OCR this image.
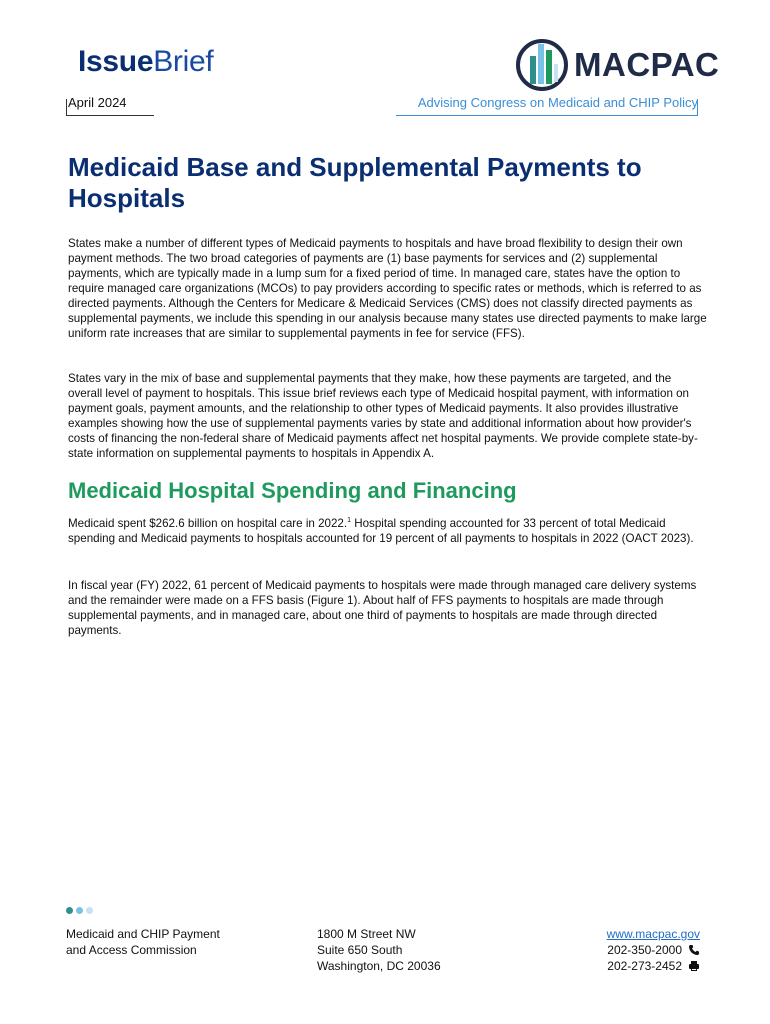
IssueBrief	MACPAC
April 2024	Advising Congress on Medicaid and CHIP Policy
Medicaid Base and Supplemental Payments to Hospitals

States make a number of different types of Medicaid payments to hospitals and have broad flexibility to design their own payment methods. The two broad categories of payments are (1) base payments for services and (2) supplemental payments, which are typically made in a lump sum for a fixed period of time. In managed care, states have the option to require managed care organizations (MCOs) to pay providers according to specific rates or methods, which is referred to as directed payments. Although the Centers for Medicare & Medicaid Services (CMS) does not classify directed payments as supplemental payments, we include this spending in our analysis because many states use directed payments to make large uniform rate increases that are similar to supplemental payments in fee for service (FFS).

States vary in the mix of base and supplemental payments that they make, how these payments are targeted, and the overall level of payment to hospitals. This issue brief reviews each type of Medicaid hospital payment, with information on payment goals, payment amounts, and the relationship to other types of Medicaid payments. It also provides illustrative examples showing how the use of supplemental payments varies by state and additional information about how provider's costs of financing the non-federal share of Medicaid payments affect net hospital payments. We provide complete state-by-state information on supplemental payments to hospitals in Appendix A.

Medicaid Hospital Spending and Financing

Medicaid spent $262.6 billion on hospital care in 2022.$^1$ Hospital spending accounted for 33 percent of total Medicaid spending and Medicaid payments to hospitals accounted for 19 percent of all payments to hospitals in 2022 (OACT 2023).

In fiscal year (FY) 2022, 61 percent of Medicaid payments to hospitals were made through managed care delivery systems and the remainder were made on a FFS basis (Figure 1). About half of FFS payments to hospitals are made through supplemental payments, and in managed care, about one third of payments to hospitals are made through directed payments.

Medicaid and CHIP Payment
and Access Commission
1800 M Street NW
Suite 650 South
Washington, DC 20036
www.macpac.gov
202-350-2000
202-273-2452
